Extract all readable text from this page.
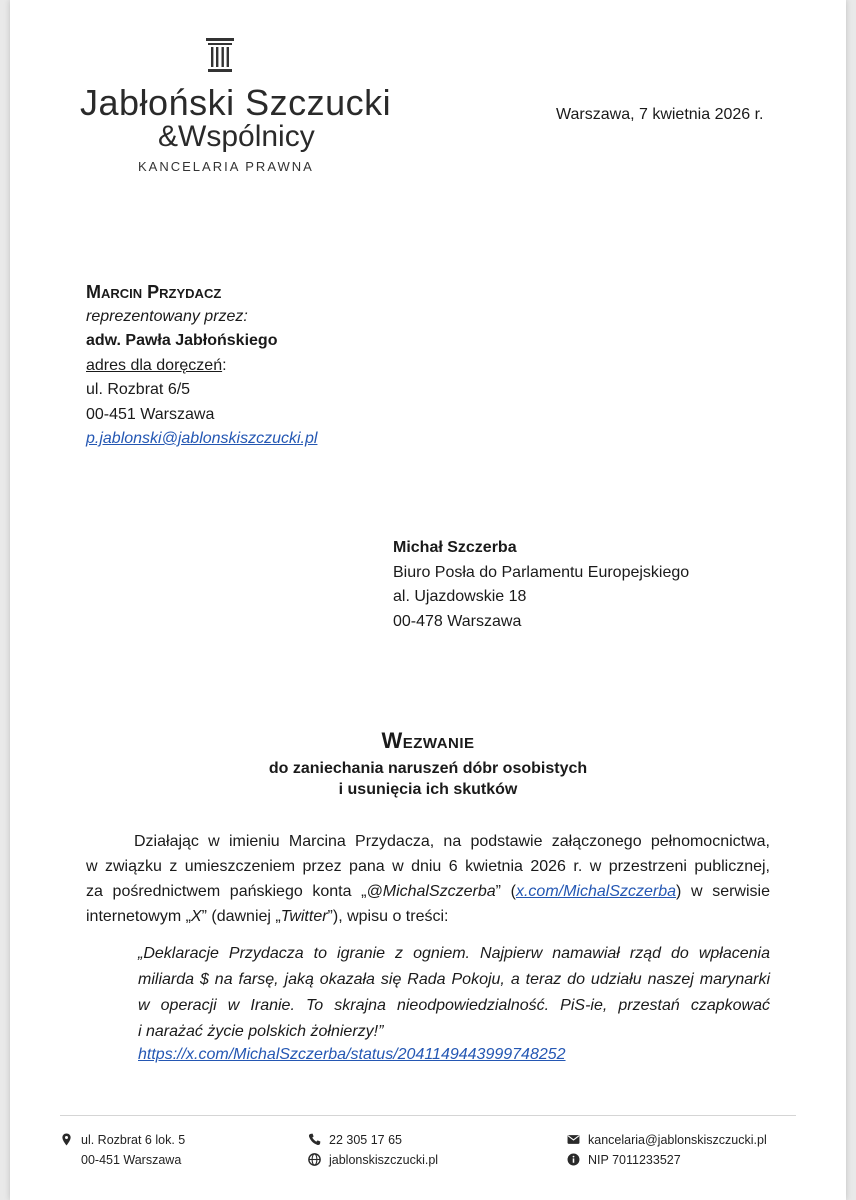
Jabłoński Szczucki
&Wspólnicy
KANCELARIA PRAWNA
Warszawa, 7 kwietnia 2026 r.
Marcin Przydacz
reprezentowany przez:
adw. Pawła Jabłońskiego
adres dla doręczeń:
ul. Rozbrat 6/5
00-451 Warszawa
p.jablonski@jablonskiszczucki.pl
Michał Szczerba
Biuro Posła do Parlamentu Europejskiego
al. Ujazdowskie 18
00-478 Warszawa
Wezwanie
do zaniechania naruszeń dóbr osobistych
i usunięcia ich skutków
Działając w imieniu Marcina Przydacza, na podstawie załączonego pełnomocnictwa,
w związku z umieszczeniem przez pana w dniu 6 kwietnia 2026 r. w przestrzeni publicznej,
za pośrednictwem pańskiego konta „@MichalSzczerba” (x.com/MichalSzczerba) w serwisie
internetowym „X” (dawniej „Twitter”), wpisu o treści:
„Deklaracje Przydacza to igranie z ogniem. Najpierw namawiał rząd do wpłacenia
miliarda $ na farsę, jaką okazała się Rada Pokoju, a teraz do udziału naszej marynarki
w operacji w Iranie. To skrajna nieodpowiedzialność. PiS-ie, przestań czapkować
i narażać życie polskich żołnierzy!”
https://x.com/MichalSzczerba/status/2041149443999748252
ul. Rozbrat 6 lok. 5
00-451 Warszawa
22 305 17 65
jablonskiszczucki.pl
kancelaria@jablonskiszczucki.pl
NIP 7011233527
